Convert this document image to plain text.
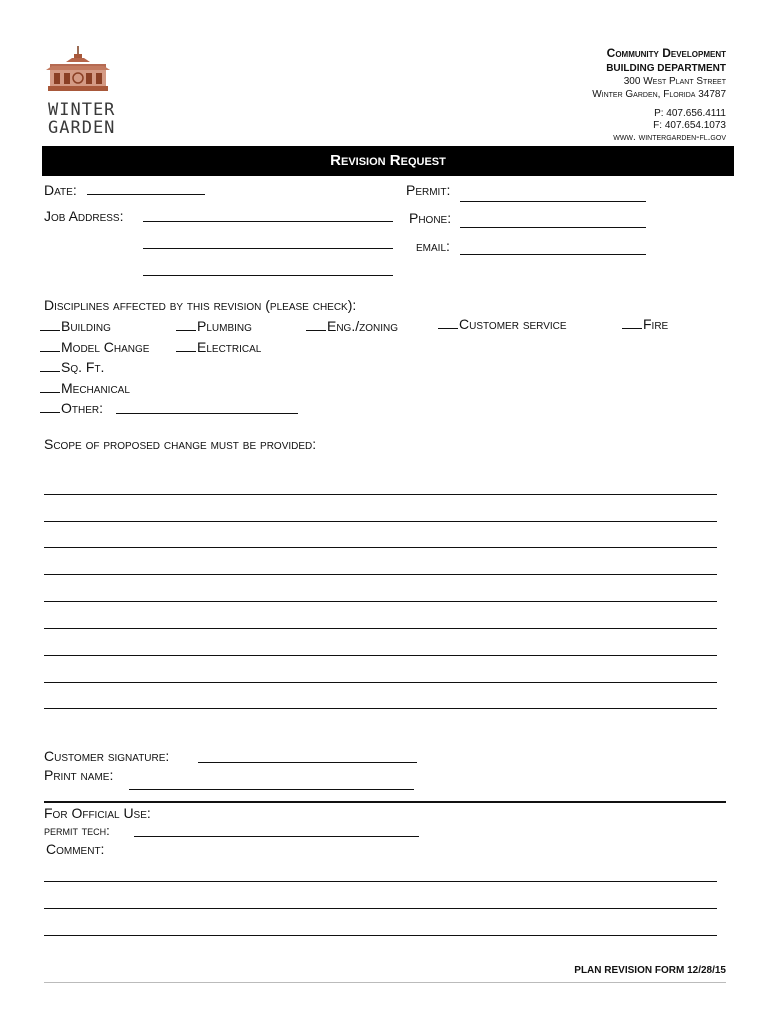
WINTER
GARDEN
Community Development
BUILDING DEPARTMENT
300 West Plant Street
Winter Garden, Florida 34787
P: 407.656.4111
F: 407.654.1073
www. wintergarden-fl.gov
Revision Request
Date:	Permit:
Job Address:	Phone:
email:
Disciplines affected by this revision (please check):
Building	Plumbing	Eng./zoning	Customer service	Fire
Model Change	Electrical
Sq. Ft.
Mechanical
Other:
Scope of proposed change must be provided:
Customer signature:
Print name:
For Official Use:
permit tech:
Comment:
PLAN REVISION FORM 12/28/15
